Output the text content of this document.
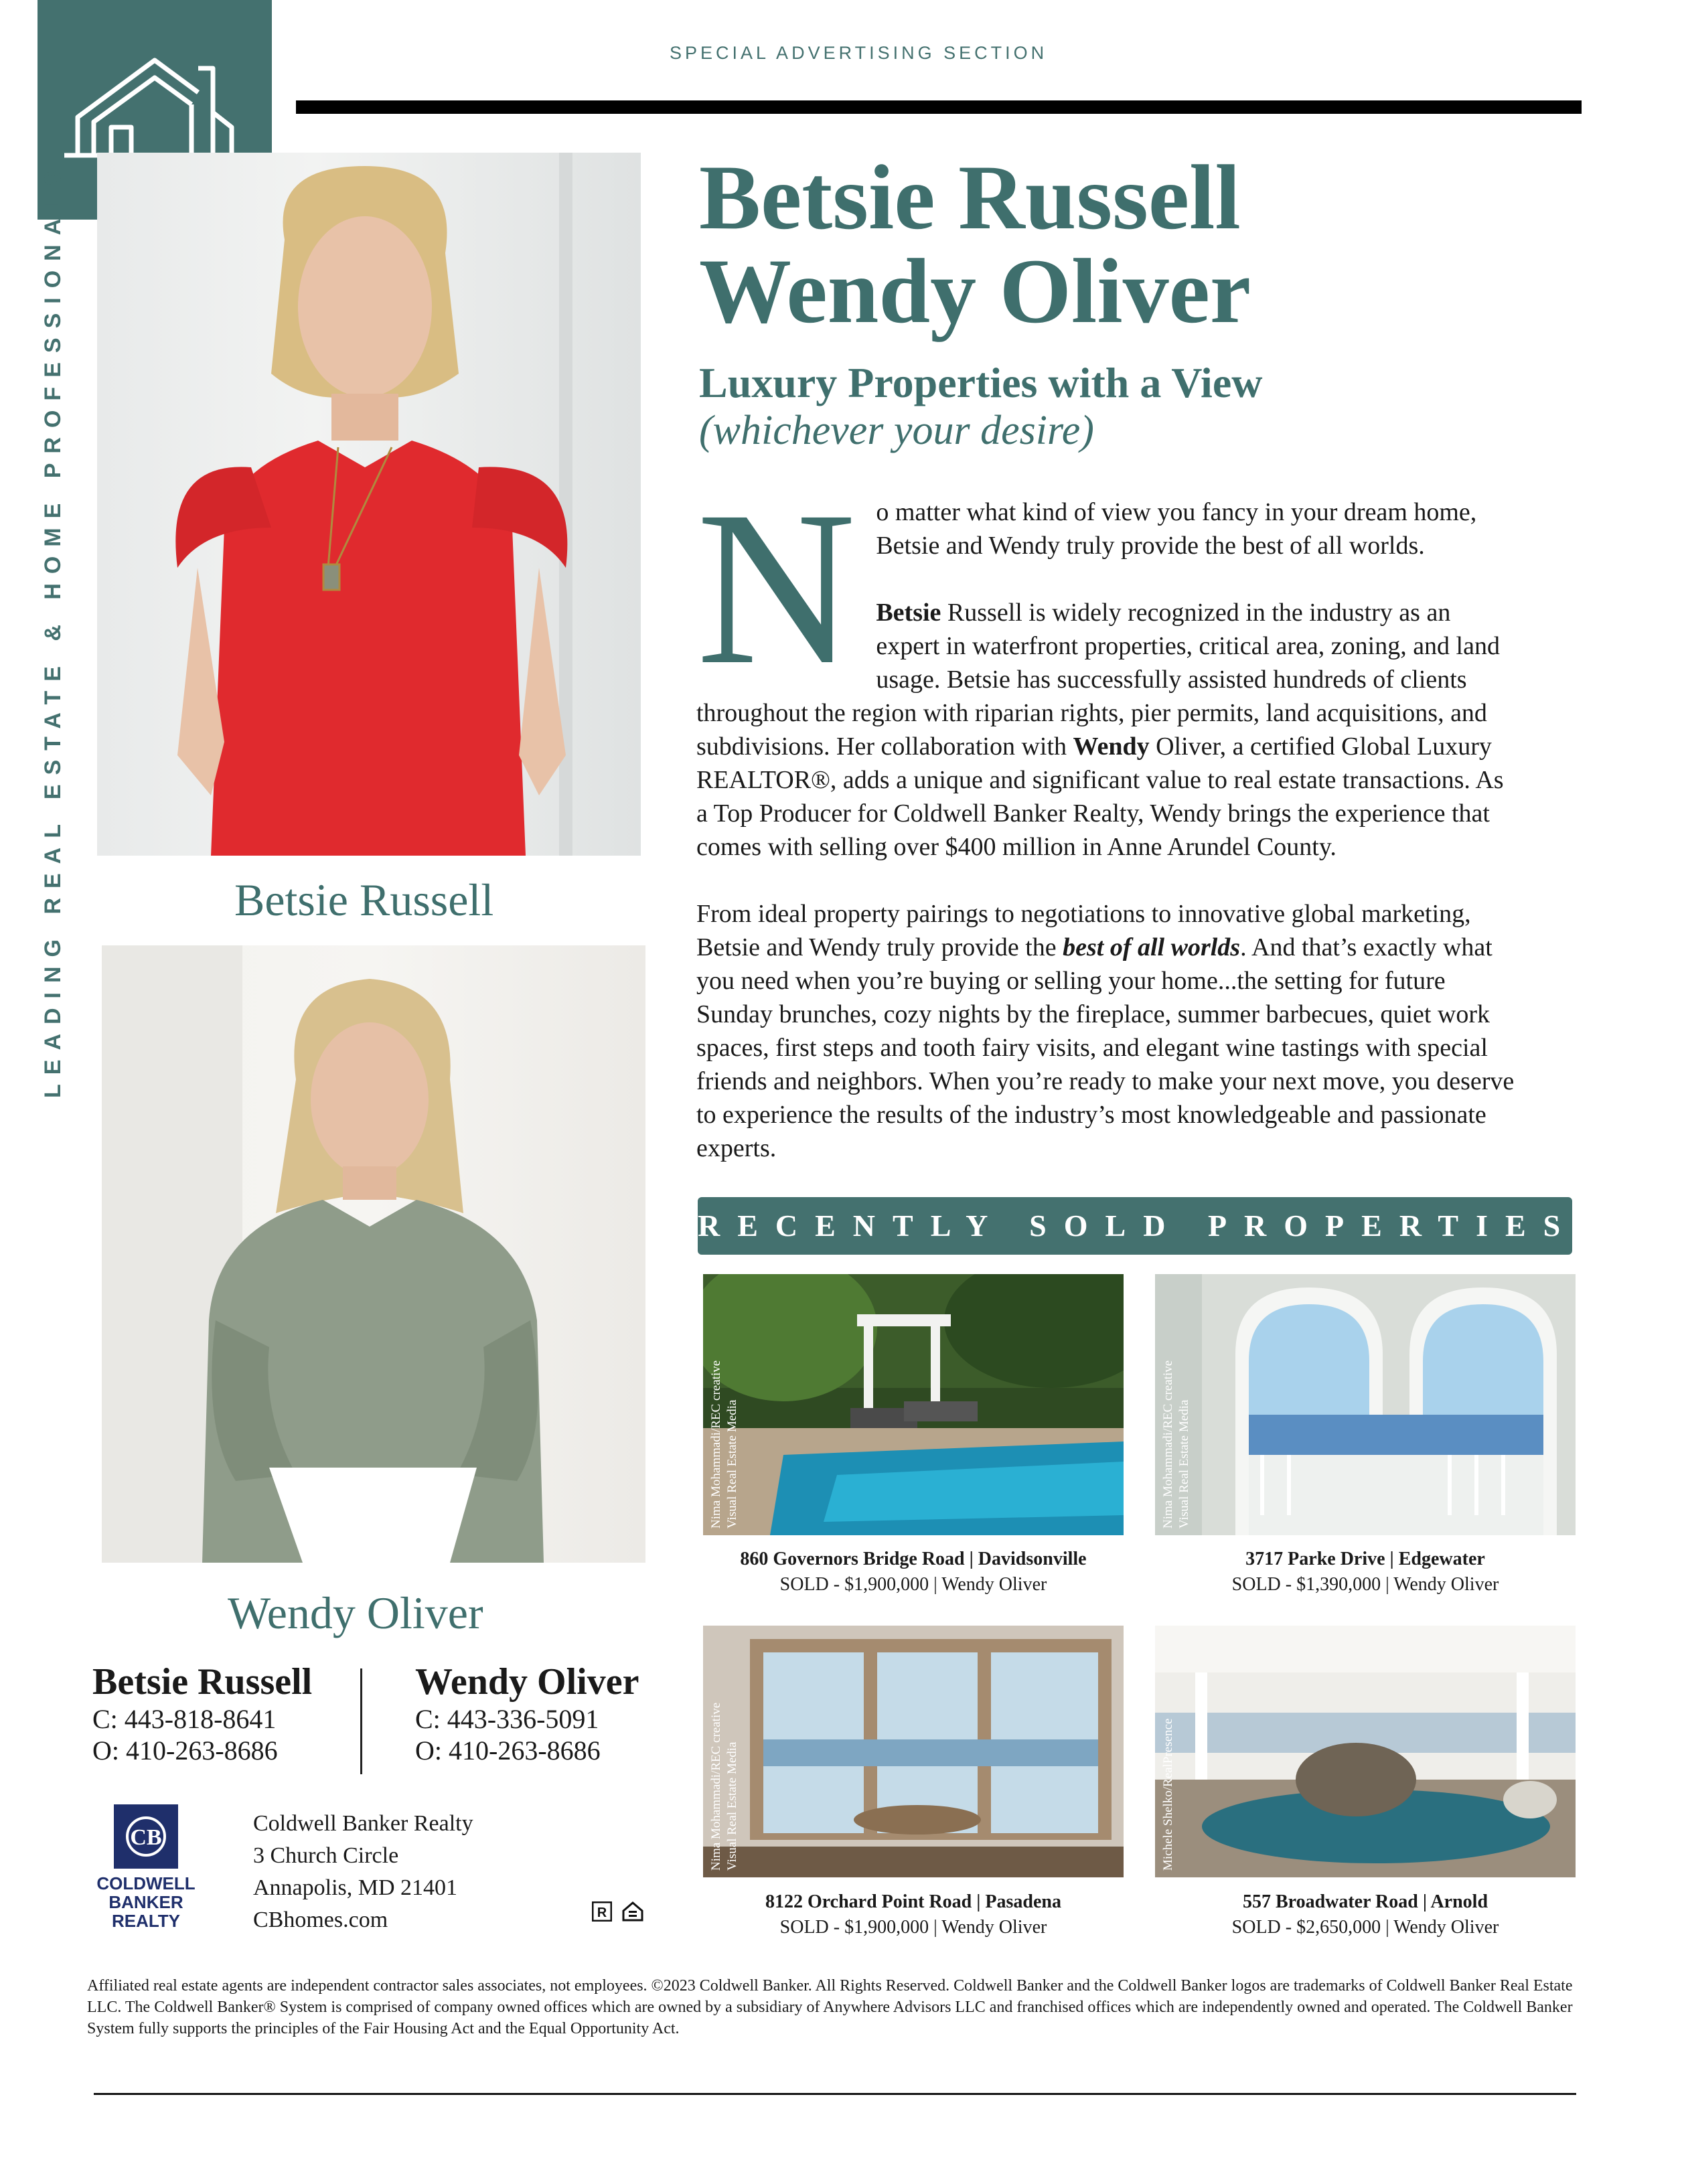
LEADING REAL ESTATE & HOME PROFESSIONALS
SPECIAL ADVERTISING SECTION
Betsie Russell
Wendy Oliver
Betsie Russell
Wendy Oliver
Luxury Properties with a View
(whichever your desire)
N o matter what kind of view you fancy in your dream home, Betsie and Wendy truly provide the best of all worlds.

Betsie Russell is widely recognized in the industry as an expert in waterfront properties, critical area, zoning, and land usage. Betsie has successfully assisted hundreds of clients throughout the region with riparian rights, pier permits, land acquisitions, and subdivisions. Her collaboration with Wendy Oliver, a certified Global Luxury REALTOR®, adds a unique and significant value to real estate transactions. As a Top Producer for Coldwell Banker Realty, Wendy brings the experience that comes with selling over $400 million in Anne Arundel County.

From ideal property pairings to negotiations to innovative global marketing, Betsie and Wendy truly provide the best of all worlds. And that’s exactly what you need when you’re buying or selling your home...the setting for future Sunday brunches, cozy nights by the fireplace, summer barbecues, quiet work spaces, first steps and tooth fairy visits, and elegant wine tastings with special friends and neighbors. When you’re ready to make your next move, you deserve to experience the results of the industry’s most knowledgeable and passionate experts.

RECENTLY SOLD PROPERTIES
Nima Mohammadi/REC creative Visual Real Estate Media
860 Governors Bridge Road | Davidsonville
SOLD - $1,900,000 | Wendy Oliver
Nima Mohammadi/REC creative Visual Real Estate Media
3717 Parke Drive | Edgewater
SOLD - $1,390,000 | Wendy Oliver
Nima Mohammadi/REC creative Visual Real Estate Media
8122 Orchard Point Road | Pasadena
SOLD - $1,900,000 | Wendy Oliver
Michele Shelko/RealPresence
557 Broadwater Road | Arnold
SOLD - $2,650,000 | Wendy Oliver
Betsie Russell
C: 443-818-8641
O: 410-263-8686
Wendy Oliver
C: 443-336-5091
O: 410-263-8686
CB
COLDWELL
BANKER
REALTY
Coldwell Banker Realty
3 Church Circle
Annapolis, MD 21401
CBhomes.com	R
Affiliated real estate agents are independent contractor sales associates, not employees. ©2023 Coldwell Banker. All Rights Reserved. Coldwell Banker and the Coldwell Banker logos are trademarks of Coldwell Banker Real Estate LLC. The Coldwell Banker® System is comprised of company owned offices which are owned by a subsidiary of Anywhere Advisors LLC and franchised offices which are independently owned and operated. The Coldwell Banker System fully supports the principles of the Fair Housing Act and the Equal Opportunity Act.
